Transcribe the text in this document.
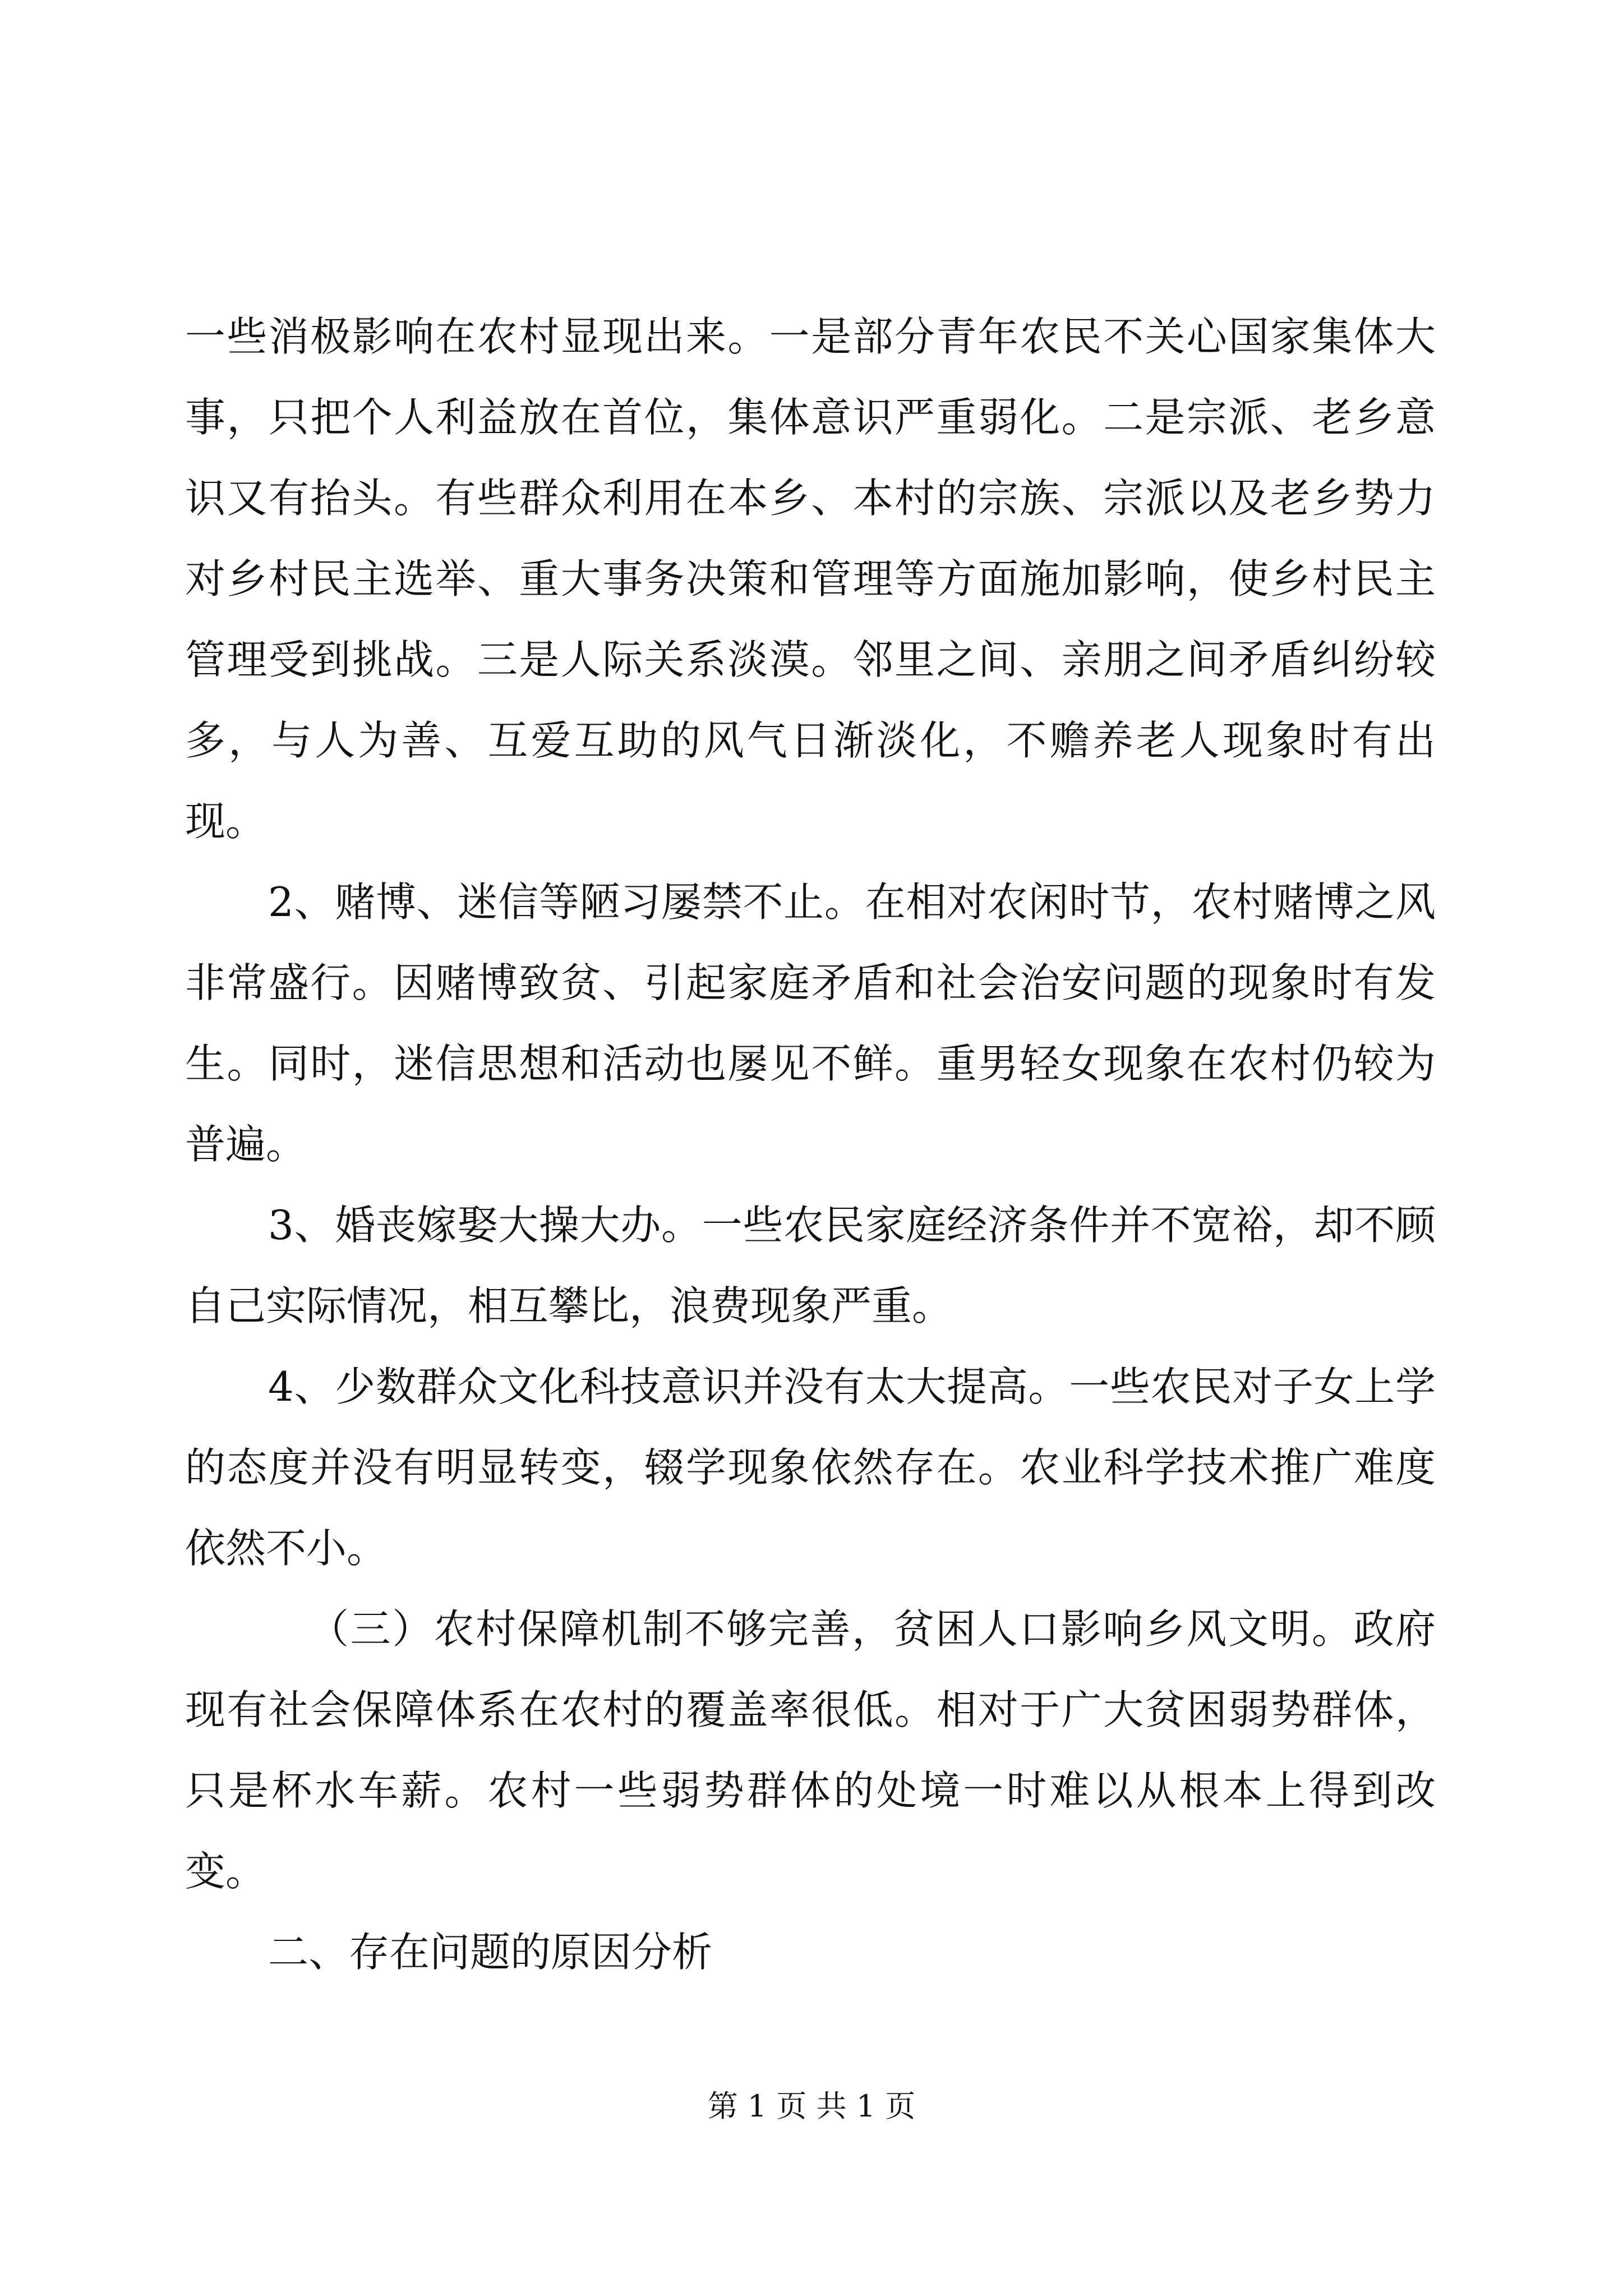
一些消极影响在农村显现出来。一是部分青年农民不关心国家集体大事，只把个人利益放在首位，集体意识严重弱化。二是宗派、老乡意识又有抬头。有些群众利用在本乡、本村的宗族、宗派以及老乡势力对乡村民主选举、重大事务决策和管理等方面施加影响，使乡村民主管理受到挑战。三是人际关系淡漠。邻里之间、亲朋之间矛盾纠纷较多，与人为善、互爱互助的风气日渐淡化，不赡养老人现象时有出现。

2、赌博、迷信等陋习屡禁不止。在相对农闲时节，农村赌博之风非常盛行。因赌博致贫、引起家庭矛盾和社会治安问题的现象时有发生。同时，迷信思想和活动也屡见不鲜。重男轻女现象在农村仍较为普遍。

3、婚丧嫁娶大操大办。一些农民家庭经济条件并不宽裕，却不顾自己实际情况，相互攀比，浪费现象严重。

4、少数群众文化科技意识并没有太大提高。一些农民对子女上学的态度并没有明显转变，辍学现象依然存在。农业科学技术推广难度依然不小。

（三）农村保障机制不够完善，贫困人口影响乡风文明。政府现有社会保障体系在农村的覆盖率很低。相对于广大贫困弱势群体，只是杯水车薪。农村一些弱势群体的处境一时难以从根本上得到改变。

二、存在问题的原因分析

第 1 页 共 1 页
